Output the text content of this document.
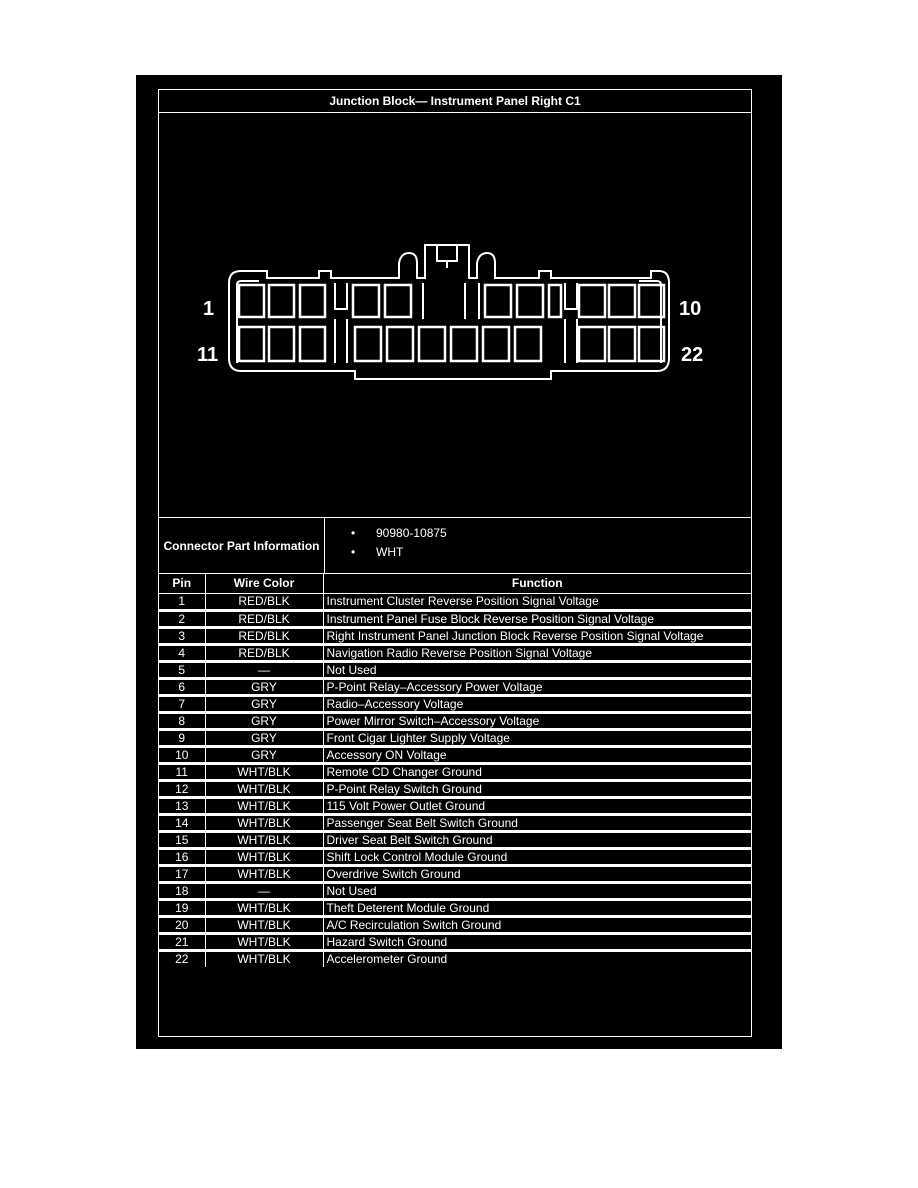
Junction Block— Instrument Panel Right C1
1	10
11	22
Connector Part Information
• 90980-10875
• WHT
Pin	Wire Color	Function
1	RED/BLK	Instrument Cluster Reverse Position Signal Voltage
2	RED/BLK	Instrument Panel Fuse Block Reverse Position Signal Voltage
3	RED/BLK	Right Instrument Panel Junction Block Reverse Position Signal Voltage
4	RED/BLK	Navigation Radio Reverse Position Signal Voltage
5	—	Not Used
6	GRY	P-Point Relay–Accessory Power Voltage
7	GRY	Radio–Accessory Voltage
8	GRY	Power Mirror Switch–Accessory Voltage
9	GRY	Front Cigar Lighter Supply Voltage
10	GRY	Accessory ON Voltage
11	WHT/BLK	Remote CD Changer Ground
12	WHT/BLK	P-Point Relay Switch Ground
13	WHT/BLK	115 Volt Power Outlet Ground
14	WHT/BLK	Passenger Seat Belt Switch Ground
15	WHT/BLK	Driver Seat Belt Switch Ground
16	WHT/BLK	Shift Lock Control Module Ground
17	WHT/BLK	Overdrive Switch Ground
18	—	Not Used
19	WHT/BLK	Theft Deterent Module Ground
20	WHT/BLK	A/C Recirculation Switch Ground
21	WHT/BLK	Hazard Switch Ground
22	WHT/BLK	Accelerometer Ground
